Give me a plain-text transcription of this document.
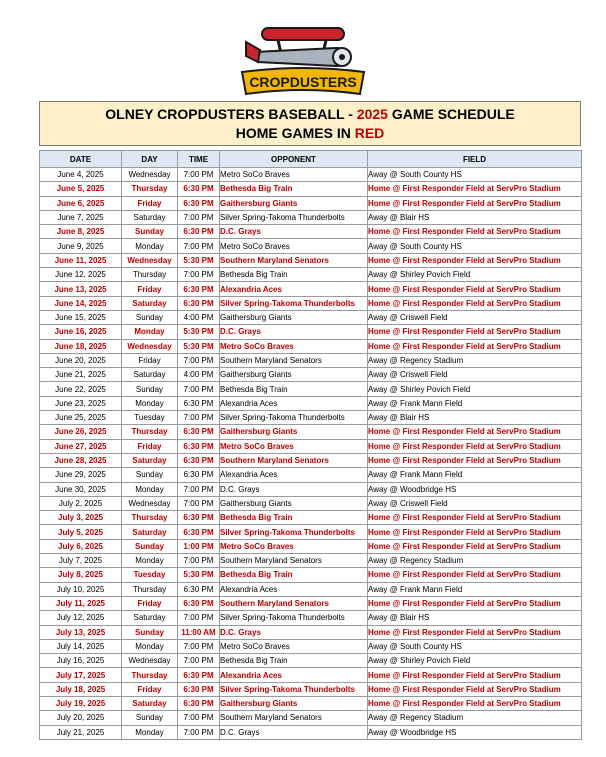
CROPDUSTERS
OLNEY CROPDUSTERS BASEBALL - 2025 GAME SCHEDULE
HOME GAMES IN RED
DATE	DAY	TIME	OPPONENT	FIELD
June 4, 2025	Wednesday	7:00 PM	Metro SoCo Braves	Away @ South County HS
June 5, 2025	Thursday	6:30 PM	Bethesda Big Train	Home @ First Responder Field at ServPro Stadium
June 6, 2025	Friday	6:30 PM	Gaithersburg Giants	Home @ First Responder Field at ServPro Stadium
June 7, 2025	Saturday	7:00 PM	Silver Spring-Takoma Thunderbolts	Away @ Blair HS
June 8, 2025	Sunday	6:30 PM	D.C. Grays	Home @ First Responder Field at ServPro Stadium
June 9, 2025	Monday	7:00 PM	Metro SoCo Braves	Away @ South County HS
June 11, 2025	Wednesday	5:30 PM	Southern Maryland Senators	Home @ First Responder Field at ServPro Stadium
June 12, 2025	Thursday	7:00 PM	Bethesda Big Train	Away @ Shirley Povich Field
June 13, 2025	Friday	6:30 PM	Alexandria Aces	Home @ First Responder Field at ServPro Stadium
June 14, 2025	Saturday	6:30 PM	Silver Spring-Takoma Thunderbolts	Home @ First Responder Field at ServPro Stadium
June 15, 2025	Sunday	4:00 PM	Gaithersburg Giants	Away @ Criswell Field
June 16, 2025	Monday	5:30 PM	D.C. Grays	Home @ First Responder Field at ServPro Stadium
June 18, 2025	Wednesday	5:30 PM	Metro SoCo Braves	Home @ First Responder Field at ServPro Stadium
June 20, 2025	Friday	7:00 PM	Southern Maryland Senators	Away @ Regency Stadium
June 21, 2025	Saturday	4:00 PM	Gaithersburg Giants	Away @ Criswell Field
June 22, 2025	Sunday	7:00 PM	Bethesda Big Train	Away @ Shirley Povich Field
June 23, 2025	Monday	6:30 PM	Alexandria Aces	Away @ Frank Mann Field
June 25, 2025	Tuesday	7:00 PM	Silver Spring-Takoma Thunderbolts	Away @ Blair HS
June 26, 2025	Thursday	6:30 PM	Gaithersburg Giants	Home @ First Responder Field at ServPro Stadium
June 27, 2025	Friday	6:30 PM	Metro SoCo Braves	Home @ First Responder Field at ServPro Stadium
June 28, 2025	Saturday	6:30 PM	Southern Maryland Senators	Home @ First Responder Field at ServPro Stadium
June 29, 2025	Sunday	6:30 PM	Alexandria Aces	Away @ Frank Mann Field
June 30, 2025	Monday	7:00 PM	D.C. Grays	Away @ Woodbridge HS
July 2, 2025	Wednesday	7:00 PM	Gaithersburg Giants	Away @ Criswell Field
July 3, 2025	Thursday	6:30 PM	Bethesda Big Train	Home @ First Responder Field at ServPro Stadium
July 5, 2025	Saturday	6:30 PM	Silver Spring-Takoma Thunderbolts	Home @ First Responder Field at ServPro Stadium
July 6, 2025	Sunday	1:00 PM	Metro SoCo Braves	Home @ First Responder Field at ServPro Stadium
July 7, 2025	Monday	7:00 PM	Southern Maryland Senators	Away @ Regency Stadium
July 8, 2025	Tuesday	5:30 PM	Bethesda Big Train	Home @ First Responder Field at ServPro Stadium
July 10, 2025	Thursday	6:30 PM	Alexandria Aces	Away @ Frank Mann Field
July 11, 2025	Friday	6:30 PM	Southern Maryland Senators	Home @ First Responder Field at ServPro Stadium
July 12, 2025	Saturday	7:00 PM	Silver Spring-Takoma Thunderbolts	Away @ Blair HS
July 13, 2025	Sunday	11:00 AM	D.C. Grays	Home @ First Responder Field at ServPro Stadium
July 14, 2025	Monday	7:00 PM	Metro SoCo Braves	Away @ South County HS
July 16, 2025	Wednesday	7:00 PM	Bethesda Big Train	Away @ Shirley Povich Field
July 17, 2025	Thursday	6:30 PM	Alexandria Aces	Home @ First Responder Field at ServPro Stadium
July 18, 2025	Friday	6:30 PM	Silver Spring-Takoma Thunderbolts	Home @ First Responder Field at ServPro Stadium
July 19, 2025	Saturday	6:30 PM	Gaithersburg Giants	Home @ First Responder Field at ServPro Stadium
July 20, 2025	Sunday	7:00 PM	Southern Maryland Senators	Away @ Regency Stadium
July 21, 2025	Monday	7:00 PM	D.C. Grays	Away @ Woodbridge HS
